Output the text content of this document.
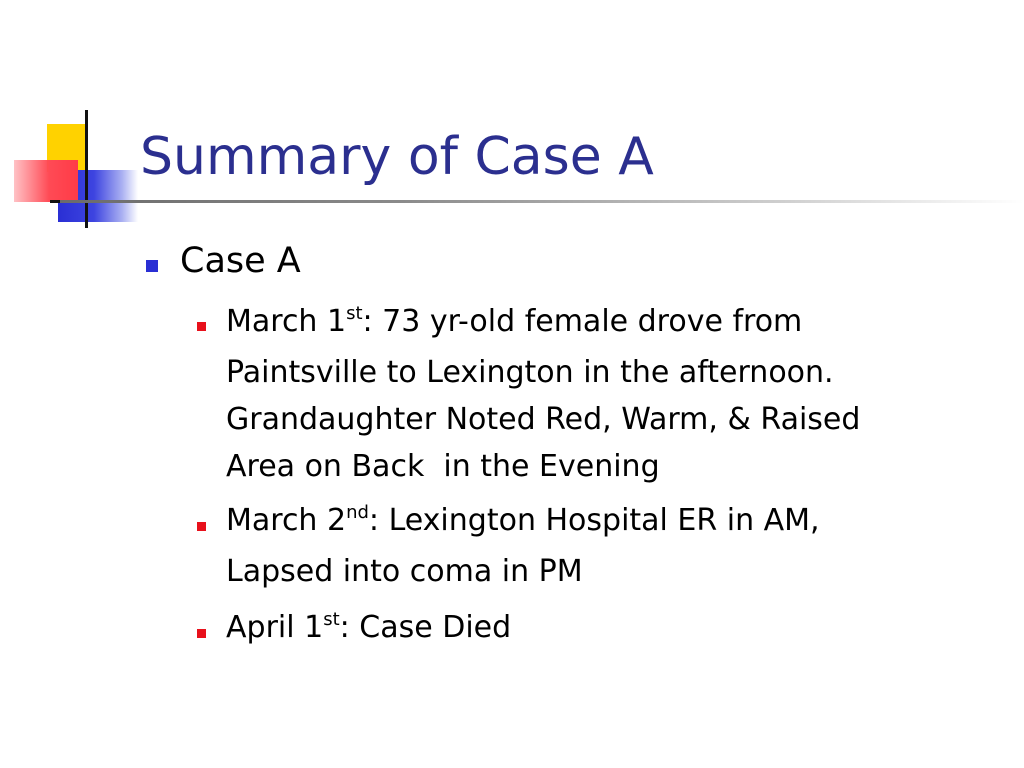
Summary of Case A
Case A
March 1st: 73 yr-old female drove from
Paintsville to Lexington in the afternoon.
Grandaughter Noted Red, Warm, & Raised
Area on Back  in the Evening
March 2nd: Lexington Hospital ER in AM,
Lapsed into coma in PM
April 1st: Case Died
